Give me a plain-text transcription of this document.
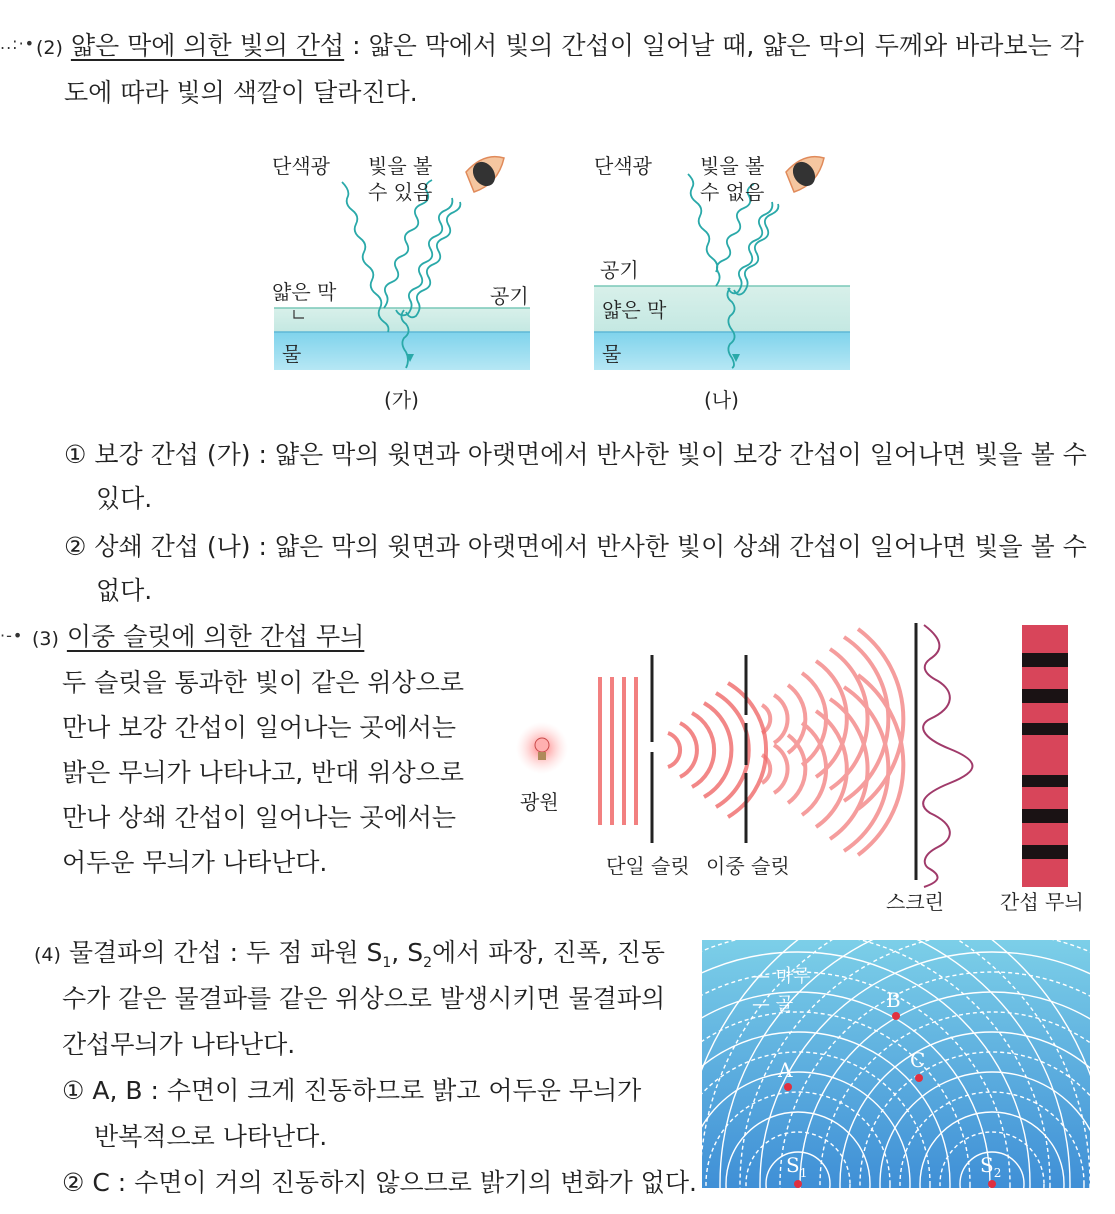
..:·• (2) 얇은 막에 의한 빛의 간섭 : 얇은 막에서 빛의 간섭이 일어날 때, 얇은 막의 두께와 바라보는 각
도에 따라 빛의 색깔이 달라진다.
단색광 빛을 볼
수 있음
얇은 막	공기
물
(가)
단색광 빛을 볼
수 없음
공기
얇은 막
물
(나)
① 보강 간섭 (가) : 얇은 막의 윗면과 아랫면에서 반사한 빛이 보강 간섭이 일어나면 빛을 볼 수
있다.
② 상쇄 간섭 (나) : 얇은 막의 윗면과 아랫면에서 반사한 빛이 상쇄 간섭이 일어나면 빛을 볼 수
없다.
·-• (3) 이중 슬릿에 의한 간섭 무늬
두 슬릿을 통과한 빛이 같은 위상으로
만나 보강 간섭이 일어나는 곳에서는
밝은 무늬가 나타나고, 반대 위상으로
만나 상쇄 간섭이 일어나는 곳에서는
어두운 무늬가 나타난다.
광원
단일 슬릿 이중 슬릿
스크린	간섭 무늬
(4) 물결파의 간섭 : 두 점 파원 $S_1$, $S_2$에서 파장, 진폭, 진동
수가 같은 물결파를 같은 위상으로 발생시키면 물결파의
간섭무늬가 나타난다.
① A, B : 수면이 크게 진동하므로 밝고 어두운 무늬가
반복적으로 나타난다.
② C : 수면이 거의 진동하지 않으므로 밝기의 변화가 없다.
— 마루
— 골
A
B
C
$S_1$	$S_2$
